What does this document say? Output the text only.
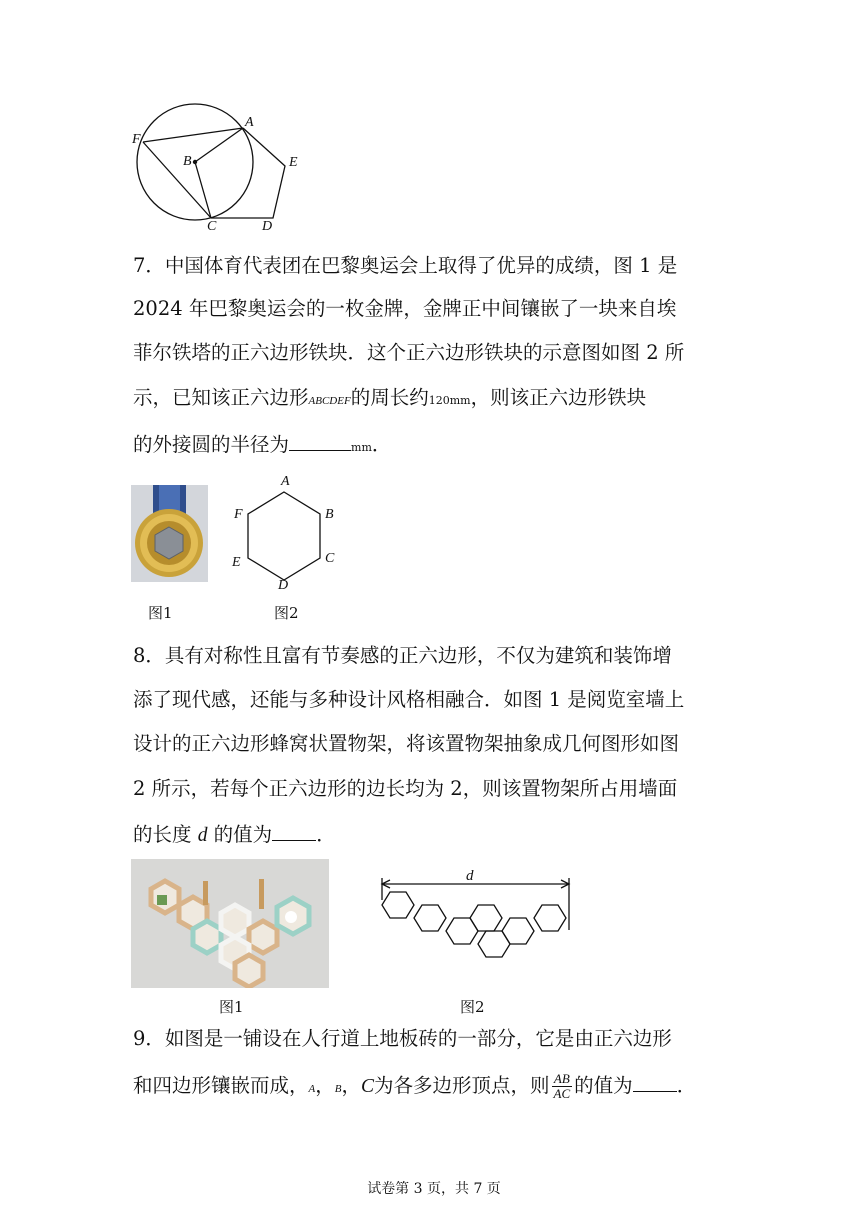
F
A
B	E
C	D
7．中国体育代表团在巴黎奥运会上取得了优异的成绩，图 1 是
2024 年巴黎奥运会的一枚金牌，金牌正中间镶嵌了一块来自埃
菲尔铁塔的正六边形铁块．这个正六边形铁块的示意图如图 2 所
示，已知该正六边形ABCDEF的周长约120mm，则该正六边形铁块
的外接圆的半径为	mm．
图1
A
B
C
D
E
F
图2
8．具有对称性且富有节奏感的正六边形，不仅为建筑和装饰增
添了现代感，还能与多种设计风格相融合．如图 1 是阅览室墙上
设计的正六边形蜂窝状置物架，将该置物架抽象成几何图形如图
2 所示，若每个正六边形的边长均为 2，则该置物架所占用墙面
的长度 d 的值为 ．
图1
d
图2
9．如图是一铺设在人行道上地板砖的一部分，它是由正六边形
和四边形镶嵌而成，A，B，C为各多边形顶点，则 $\frac{AB}{AC}$ 的值为 ．
试卷第 3 页，共 7 页
